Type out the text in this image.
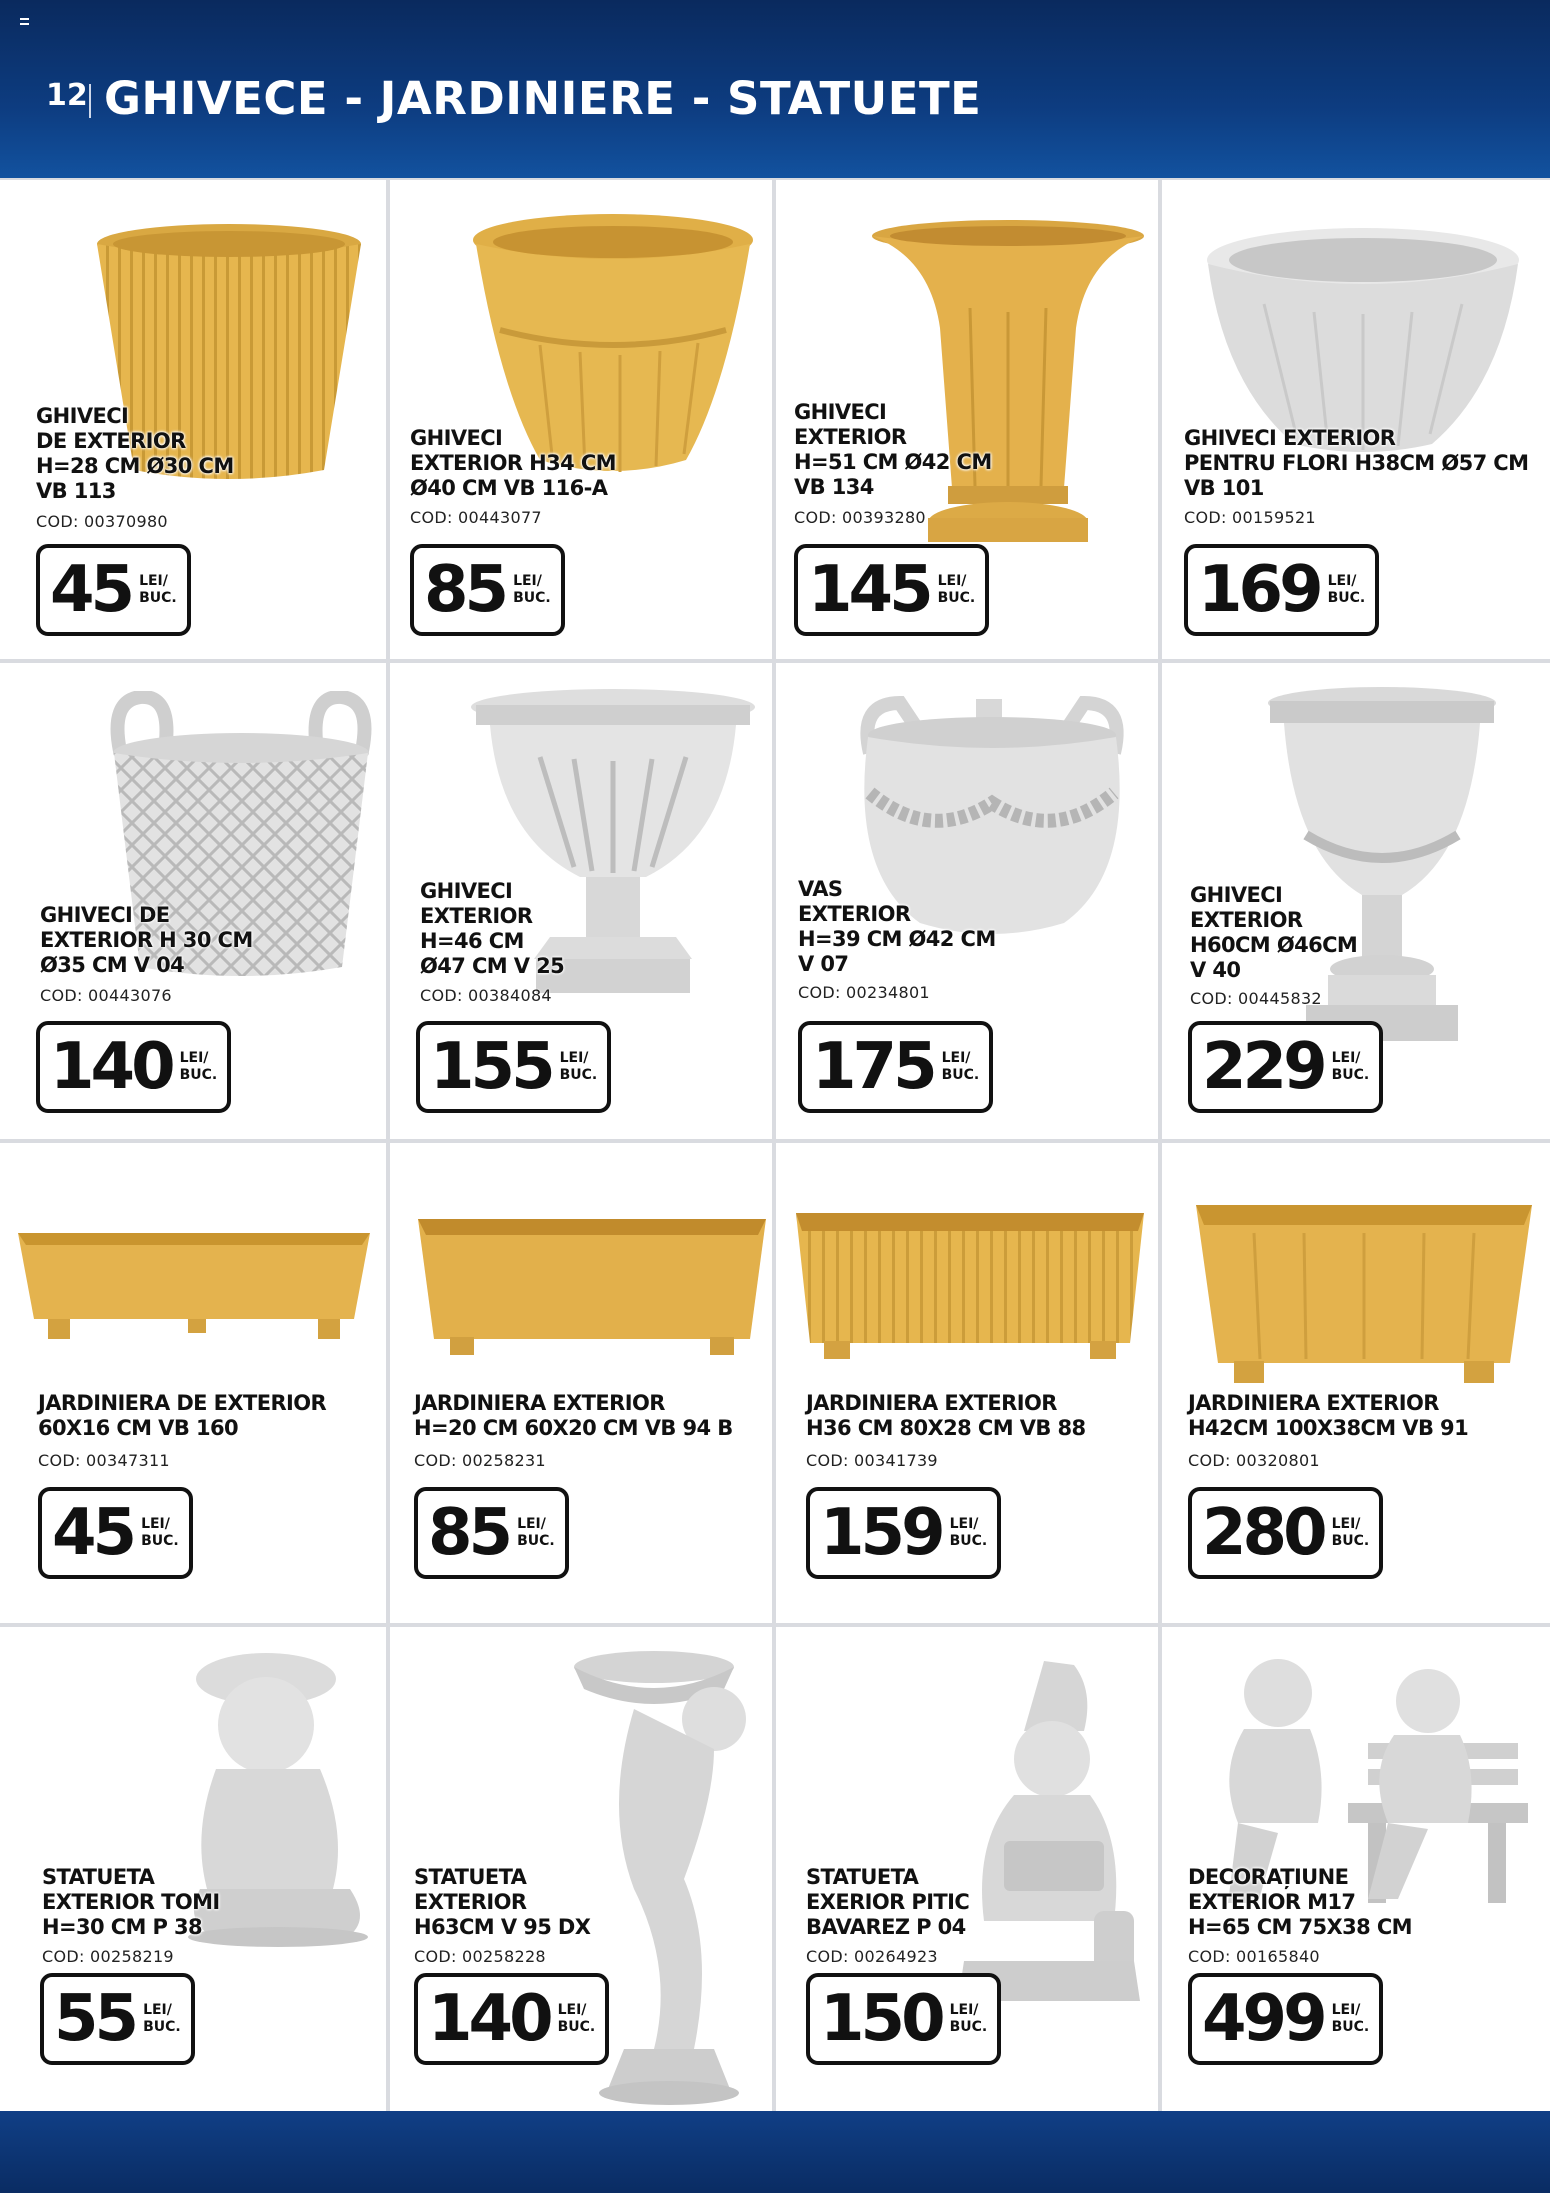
12 GHIVECE - JARDINIERE - STATUETE
GHIVECI
DE EXTERIOR
H=28 CM Ø30 CM
VB 113
COD: 00370980
45 LEI/
BUC.
GHIVECI
EXTERIOR H34 CM
Ø40 CM VB 116-A
COD: 00443077
85 LEI/
BUC.
GHIVECI
EXTERIOR
H=51 CM Ø42 CM
VB 134
COD: 00393280
145 LEI/
BUC.
GHIVECI EXTERIOR
PENTRU FLORI H38CM Ø57 CM
VB 101
COD: 00159521
169 LEI/
BUC.
GHIVECI DE
EXTERIOR H 30 CM
Ø35 CM V 04
COD: 00443076
140 LEI/
BUC.
GHIVECI
EXTERIOR
H=46 CM
Ø47 CM V 25
COD: 00384084
155 LEI/
BUC.
VAS
EXTERIOR
H=39 CM Ø42 CM
V 07
COD: 00234801
175 LEI/
BUC.
GHIVECI
EXTERIOR
H60CM Ø46CM
V 40
COD: 00445832
229 LEI/
BUC.
JARDINIERA DE EXTERIOR
60X16 CM VB 160
COD: 00347311
45 LEI/
BUC.
JARDINIERA EXTERIOR
H=20 CM 60X20 CM VB 94 B
COD: 00258231
85 LEI/
BUC.
JARDINIERA EXTERIOR
H36 CM 80X28 CM VB 88
COD: 00341739
159 LEI/
BUC.
JARDINIERA EXTERIOR
H42CM 100X38CM VB 91
COD: 00320801
280 LEI/
BUC.
STATUETA
EXTERIOR TOMI
H=30 CM P 38
COD: 00258219
55 LEI/
BUC.
STATUETA
EXTERIOR
H63CM V 95 DX
COD: 00258228
140 LEI/
BUC.
STATUETA
EXERIOR PITIC
BAVAREZ P 04
COD: 00264923
150 LEI/
BUC.
DECORAȚIUNE
EXTERIOR M17
H=65 CM 75X38 CM
COD: 00165840
499 LEI/
BUC.
